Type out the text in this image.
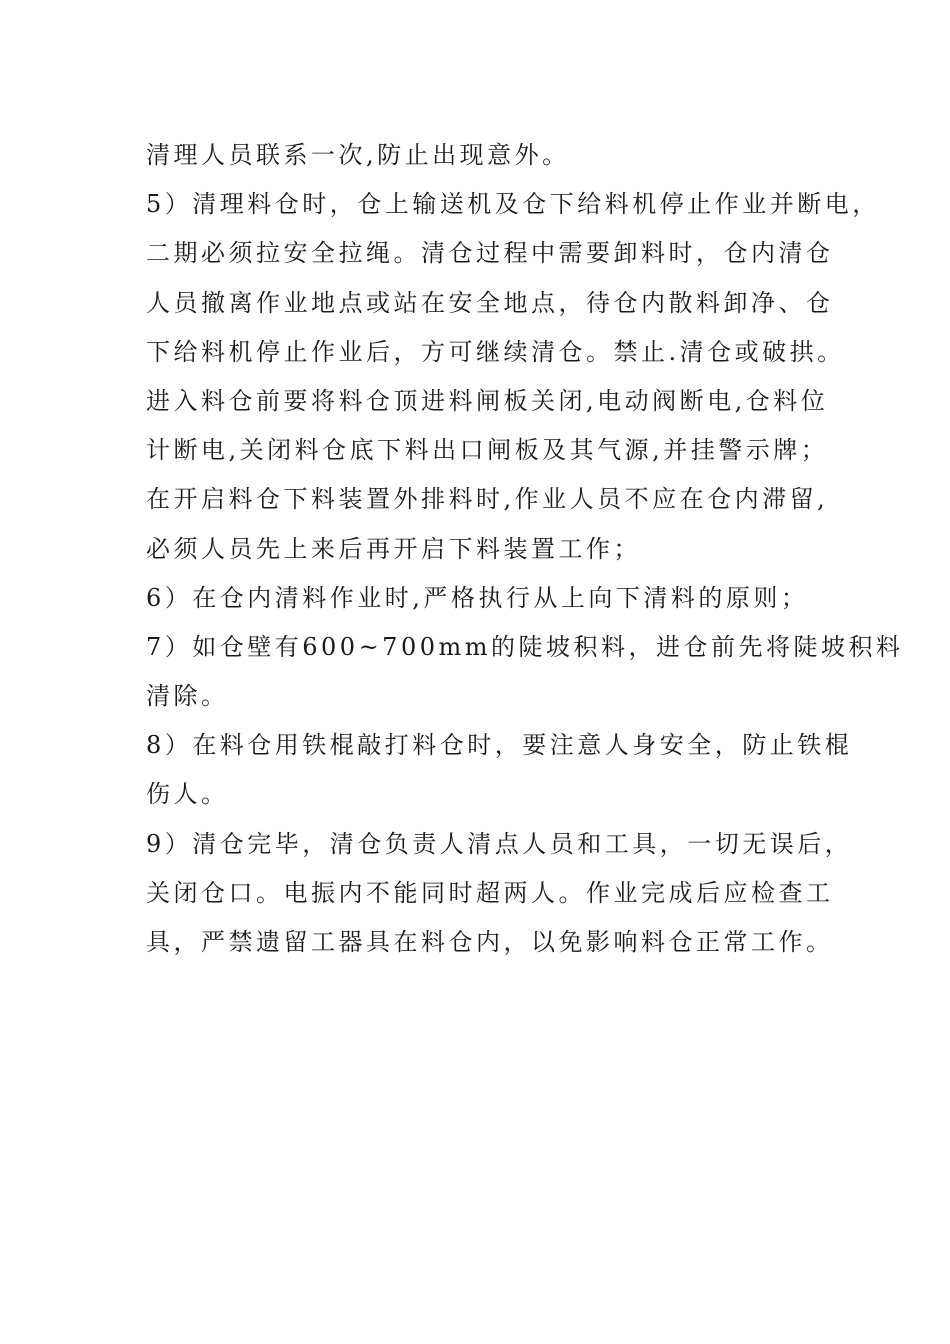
清理人员联系一次,防止出现意外。
5）清理料仓时，仓上输送机及仓下给料机停止作业并断电，
二期必须拉安全拉绳。清仓过程中需要卸料时，仓内清仓
人员撤离作业地点或站在安全地点，待仓内散料卸净、仓
下给料机停止作业后，方可继续清仓。禁止.清仓或破拱。
进入料仓前要将料仓顶进料闸板关闭,电动阀断电,仓料位
计断电,关闭料仓底下料出口闸板及其气源,并挂警示牌；
在开启料仓下料装置外排料时,作业人员不应在仓内滞留,
必须人员先上来后再开启下料装置工作；
6）在仓内清料作业时,严格执行从上向下清料的原则；
7）如仓壁有600~700mm的陡坡积料，进仓前先将陡坡积料
清除。
8）在料仓用铁棍敲打料仓时，要注意人身安全，防止铁棍
伤人。
9）清仓完毕，清仓负责人清点人员和工具，一切无误后，
关闭仓口。电振内不能同时超两人。作业完成后应检查工
具，严禁遗留工器具在料仓内，以免影响料仓正常工作。
